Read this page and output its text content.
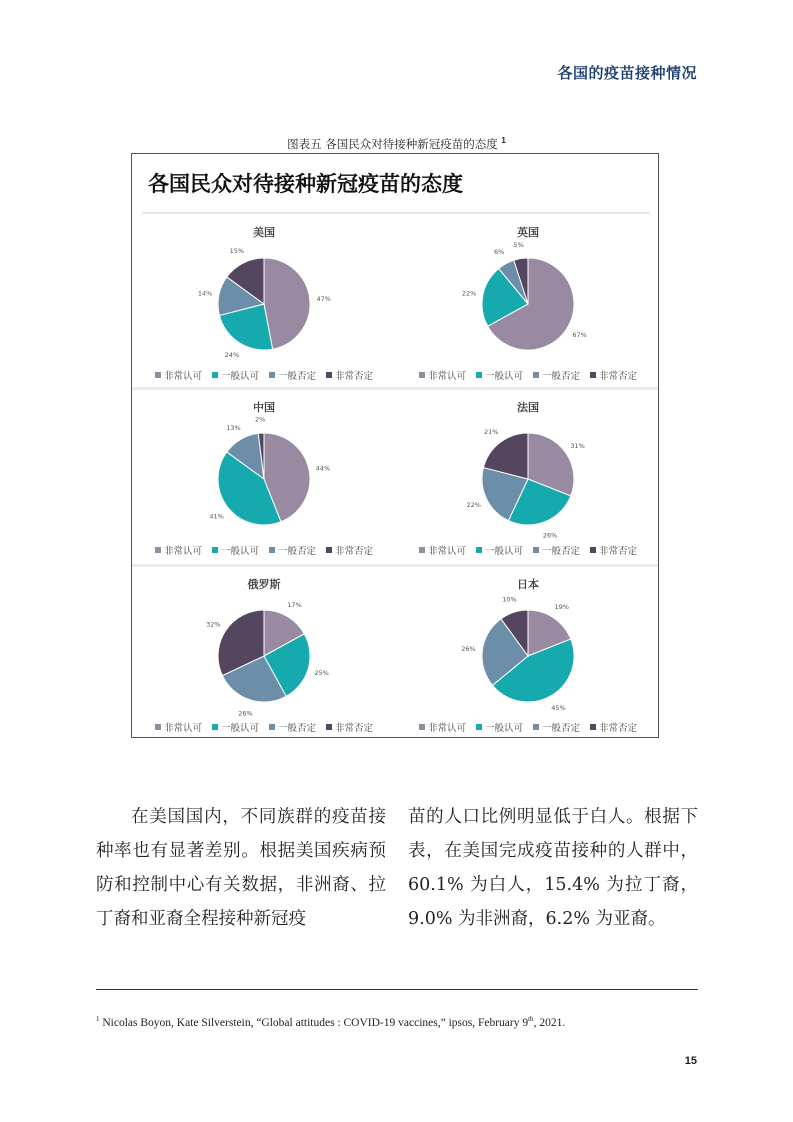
各国的疫苗接种情况
图表五 各国民众对待接种新冠疫苗的态度 $^1$
各国民众对待接种新冠疫苗的态度
美国
47%
24%
14%
15%
非常认可 一般认可 一般否定 非常否定
英国
67%
22%
6%
5%
非常认可 一般认可 一般否定 非常否定
中国
44%
41%
13%
2%
非常认可 一般认可 一般否定 非常否定
法国
31%
26%
22%
21%
非常认可 一般认可 一般否定 非常否定
俄罗斯
17%
25%
26%
32%
非常认可 一般认可 一般否定 非常否定
日本
19%
45%
26%
10%
非常认可 一般认可 一般否定 非常否定
在美国国内，不同族群的疫苗接种率也有显著差别。根据美国疾病预防和控制中心有关数据，非洲裔、拉丁裔和亚裔全程接种新冠疫
苗的人口比例明显低于白人。根据下表，在美国完成疫苗接种的人群中，60.1% 为白人，15.4% 为拉丁裔，9.0% 为非洲裔，6.2% 为亚裔。
$^1$ Nicolas Boyon, Kate Silverstein, “Global attitudes : COVID-19 vaccines,” ipsos, February 9th, 2021.
15
